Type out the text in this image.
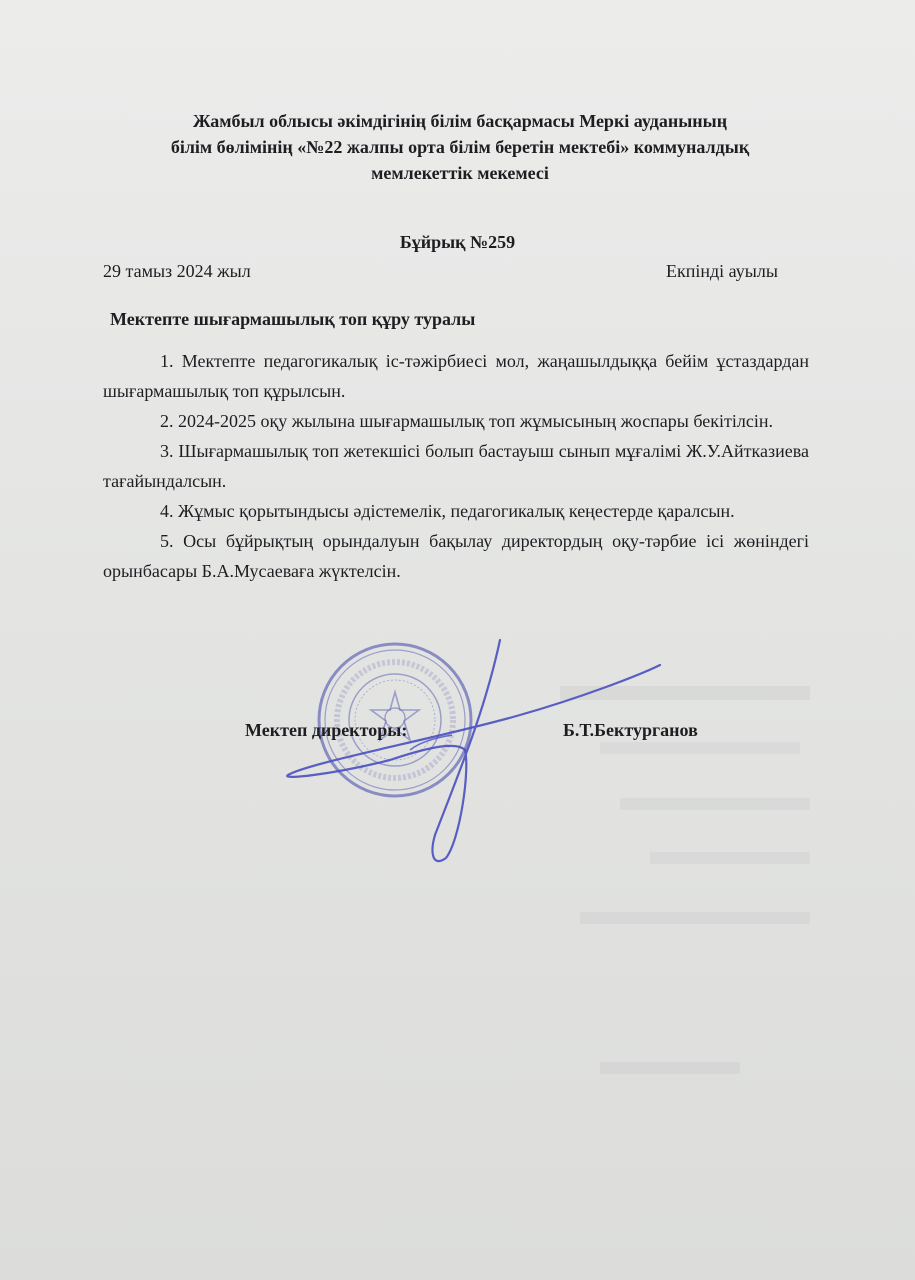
Жамбыл облысы әкімдігінің білім басқармасы Меркі ауданының
білім бөлімінің «№22 жалпы орта білім беретін мектебі» коммуналдық
мемлекеттік мекемесі
Бұйрық №259
29 тамыз 2024 жыл	Екпінді ауылы
Мектепте шығармашылық топ құру туралы

1. Мектепте педагогикалық іс-тәжірбиесі мол, жаңашылдыққа бейім ұстаздардан шығармашылық топ құрылсын.

2. 2024-2025 оқу жылына шығармашылық топ жұмысының жоспары бекітілсін.

3. Шығармашылық топ жетекшісі болып бастауыш сынып мұғалімі Ж.У.Айтказиева тағайындалсын.

4. Жұмыс қорытындысы әдістемелік, педагогикалық кеңестерде қаралсын.

5. Осы бұйрықтың орындалуын бақылау директордың оқу-тәрбие ісі жөніндегі орынбасары Б.А.Мусаеваға жүктелсін.

Мектеп директоры:	Б.Т.Бектурганов
